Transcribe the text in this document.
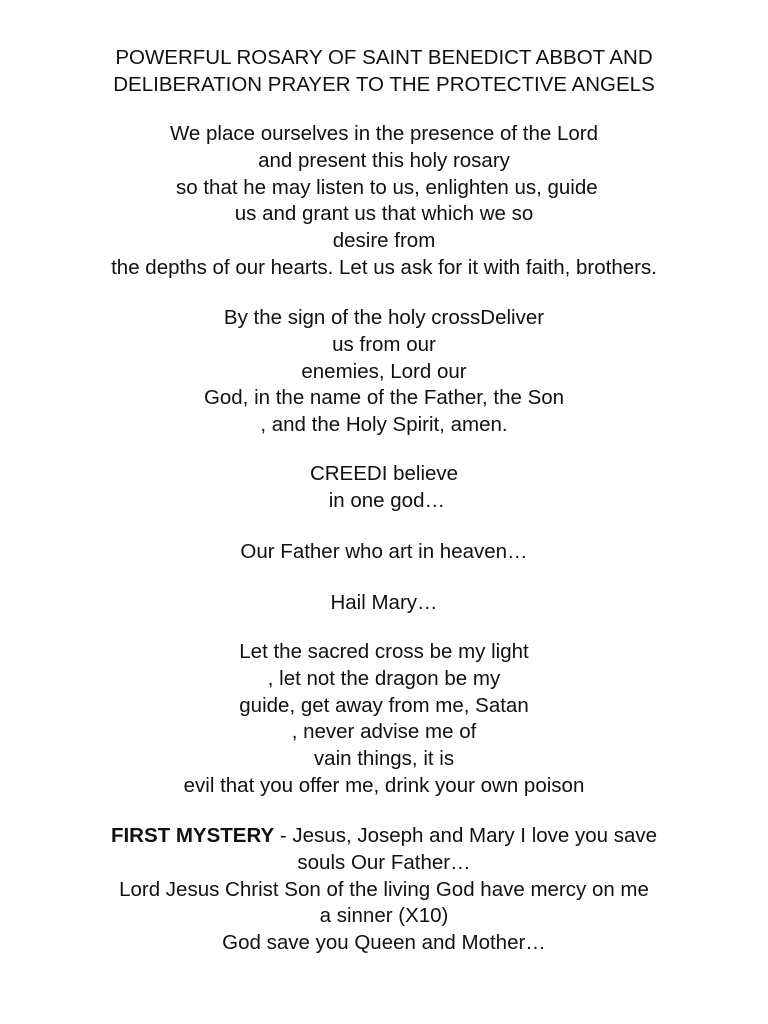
POWERFUL ROSARY OF SAINT BENEDICT ABBOT AND
DELIBERATION PRAYER TO THE PROTECTIVE ANGELS

We place ourselves in the presence of the Lord
and present this holy rosary
so that he may listen to us, enlighten us, guide
us and grant us that which we so
desire from
the depths of our hearts. Let us ask for it with faith, brothers.

By the sign of the holy crossDeliver
us from our
enemies, Lord our
God, in the name of the Father, the Son
, and the Holy Spirit, amen.

CREEDI believe
in one god…

Our Father who art in heaven…

Hail Mary…

Let the sacred cross be my light
, let not the dragon be my
guide, get away from me, Satan
, never advise me of
vain things, it is
evil that you offer me, drink your own poison

FIRST MYSTERY - Jesus, Joseph and Mary I love you save
souls Our Father…
Lord Jesus Christ Son of the living God have mercy on me
a sinner (X10)
God save you Queen and Mother…
